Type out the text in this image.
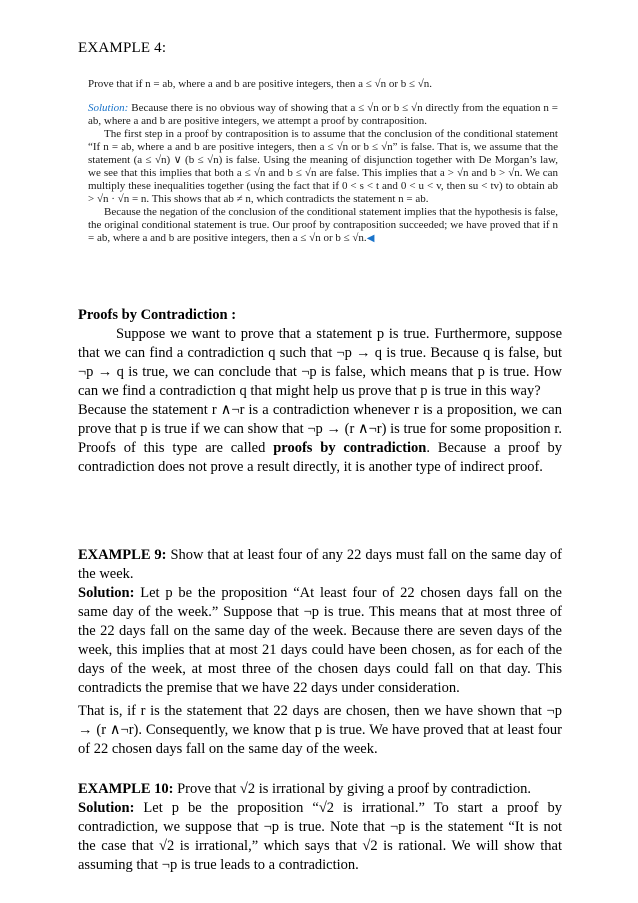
EXAMPLE 4:

Prove that if n = ab, where a and b are positive integers, then a ≤ √n or b ≤ √n.

Solution: Because there is no obvious way of showing that a ≤ √n or b ≤ √n directly from the equation n = ab, where a and b are positive integers, we attempt a proof by contraposition.

The first step in a proof by contraposition is to assume that the conclusion of the conditional statement “If n = ab, where a and b are positive integers, then a ≤ √n or b ≤ √n” is false. That is, we assume that the statement (a ≤ √n) ∨ (b ≤ √n) is false. Using the meaning of disjunction together with De Morgan’s law, we see that this implies that both a ≤ √n and b ≤ √n are false. This implies that a > √n and b > √n. We can multiply these inequalities together (using the fact that if 0 < s < t and 0 < u < v, then su < tv) to obtain ab > √n · √n = n. This shows that ab ≠ n, which contradicts the statement n = ab.

Because the negation of the conclusion of the conditional statement implies that the hypothesis is false, the original conditional statement is true. Our proof by contraposition succeeded; we have proved that if n = ab, where a and b are positive integers, then a ≤ √n or b ≤ √n.◀

Proofs by Contradiction :

Suppose we want to prove that a statement p is true. Furthermore, suppose that we can find a contradiction q such that ¬p → q is true. Because q is false, but ¬p → q is true, we can conclude that ¬p is false, which means that p is true. How can we find a contradiction q that might help us prove that p is true in this way?

Because the statement r ∧¬r is a contradiction whenever r is a proposition, we can prove that p is true if we can show that ¬p → (r ∧¬r) is true for some proposition r. Proofs of this type are called proofs by contradiction. Because a proof by contradiction does not prove a result directly, it is another type of indirect proof.

EXAMPLE 9: Show that at least four of any 22 days must fall on the same day of the week.

Solution: Let p be the proposition “At least four of 22 chosen days fall on the same day of the week.” Suppose that ¬p is true. This means that at most three of the 22 days fall on the same day of the week. Because there are seven days of the week, this implies that at most 21 days could have been chosen, as for each of the days of the week, at most three of the chosen days could fall on that day. This contradicts the premise that we have 22 days under consideration.

That is, if r is the statement that 22 days are chosen, then we have shown that ¬p → (r ∧¬r). Consequently, we know that p is true. We have proved that at least four of 22 chosen days fall on the same day of the week.

EXAMPLE 10: Prove that √2 is irrational by giving a proof by contradiction.

Solution: Let p be the proposition “√2 is irrational.” To start a proof by contradiction, we suppose that ¬p is true. Note that ¬p is the statement “It is not the case that √2 is irrational,” which says that √2 is rational. We will show that assuming that ¬p is true leads to a contradiction.
